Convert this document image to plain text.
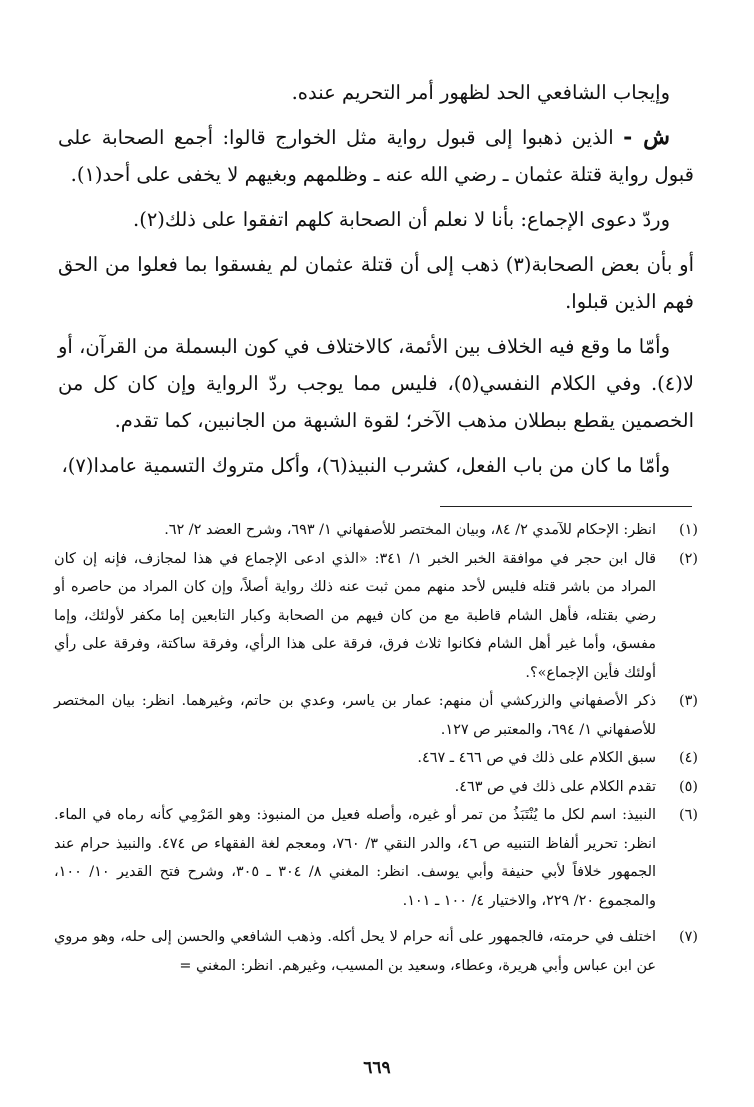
وإيجاب الشافعي الحد لظهور أمر التحريم عنده.

ش - الذين ذهبوا إلى قبول رواية مثل الخوارج قالوا: أجمع الصحابة على قبول رواية قتلة عثمان ـ رضي الله عنه ـ وظلمهم وبغيهم لا يخفى على أحد(١).

وردّ دعوى الإجماع: بأنا لا نعلم أن الصحابة كلهم اتفقوا على ذلك(٢).

أو بأن بعض الصحابة(٣) ذهب إلى أن قتلة عثمان لم يفسقوا بما فعلوا من الحق فهم الذين قبلوا.

وأمّا ما وقع فيه الخلاف بين الأئمة، كالاختلاف في كون البسملة من القرآن، أو لا(٤). وفي الكلام النفسي(٥)، فليس مما يوجب ردّ الرواية وإن كان كل من الخصمين يقطع ببطلان مذهب الآخر؛ لقوة الشبهة من الجانبين، كما تقدم.

وأمّا ما كان من باب الفعل، كشرب النبيذ(٦)، وأكل متروك التسمية عامدا(٧)،

(١)
انظر: الإحكام للآمدي ٢/ ٨٤، وبيان المختصر للأصفهاني ١/ ٦٩٣، وشرح العضد ٢/ ٦٢.
(٢)
قال ابن حجر في موافقة الخبر الخبر ١/ ٣٤١: «الذي ادعى الإجماع في هذا لمجازف، فإنه إن كان المراد من باشر قتله فليس لأحد منهم ممن ثبت عنه ذلك رواية أصلاً، وإن كان المراد من حاصره أو رضي بقتله، فأهل الشام قاطبة مع من كان فيهم من الصحابة وكبار التابعين إما مكفر لأولئك، وإما مفسق، وأما غير أهل الشام فكانوا ثلاث فرق، فرقة على هذا الرأي، وفرقة ساكتة، وفرقة على رأي أولئك فأين الإجماع»؟.
(٣)
ذكر الأصفهاني والزركشي أن منهم: عمار بن ياسر، وعدي بن حاتم، وغيرهما. انظر: بيان المختصر للأصفهاني ١/ ٦٩٤، والمعتبر ص ١٢٧.
(٤)
سبق الكلام على ذلك في ص ٤٦٦ ـ ٤٦٧.
(٥)
تقدم الكلام على ذلك في ص ٤٦٣.
(٦)
النبيذ: اسم لكل ما يُنْتَبَذُ من تمر أو غيره، وأصله فعيل من المنبوذ: وهو المَرْمِي كأنه رماه في الماء. انظر: تحرير ألفاظ التنبيه ص ٤٦، والدر النقي ٣/ ٧٦٠، ومعجم لغة الفقهاء ص ٤٧٤. والنبيذ حرام عند الجمهور خلافاً لأبي حنيفة وأبي يوسف. انظر: المغني ٨/ ٣٠٤ ـ ٣٠٥، وشرح فتح القدير ١٠/ ١٠٠، والمجموع ٢٠/ ٢٢٩، والاختيار ٤/ ١٠٠ ـ ١٠١.
(٧)
اختلف في حرمته، فالجمهور على أنه حرام لا يحل أكله. وذهب الشافعي والحسن إلى حله، وهو مروي عن ابن عباس وأبي هريرة، وعطاء، وسعيد بن المسيب، وغيرهم. انظر: المغني =
٦٦٩
